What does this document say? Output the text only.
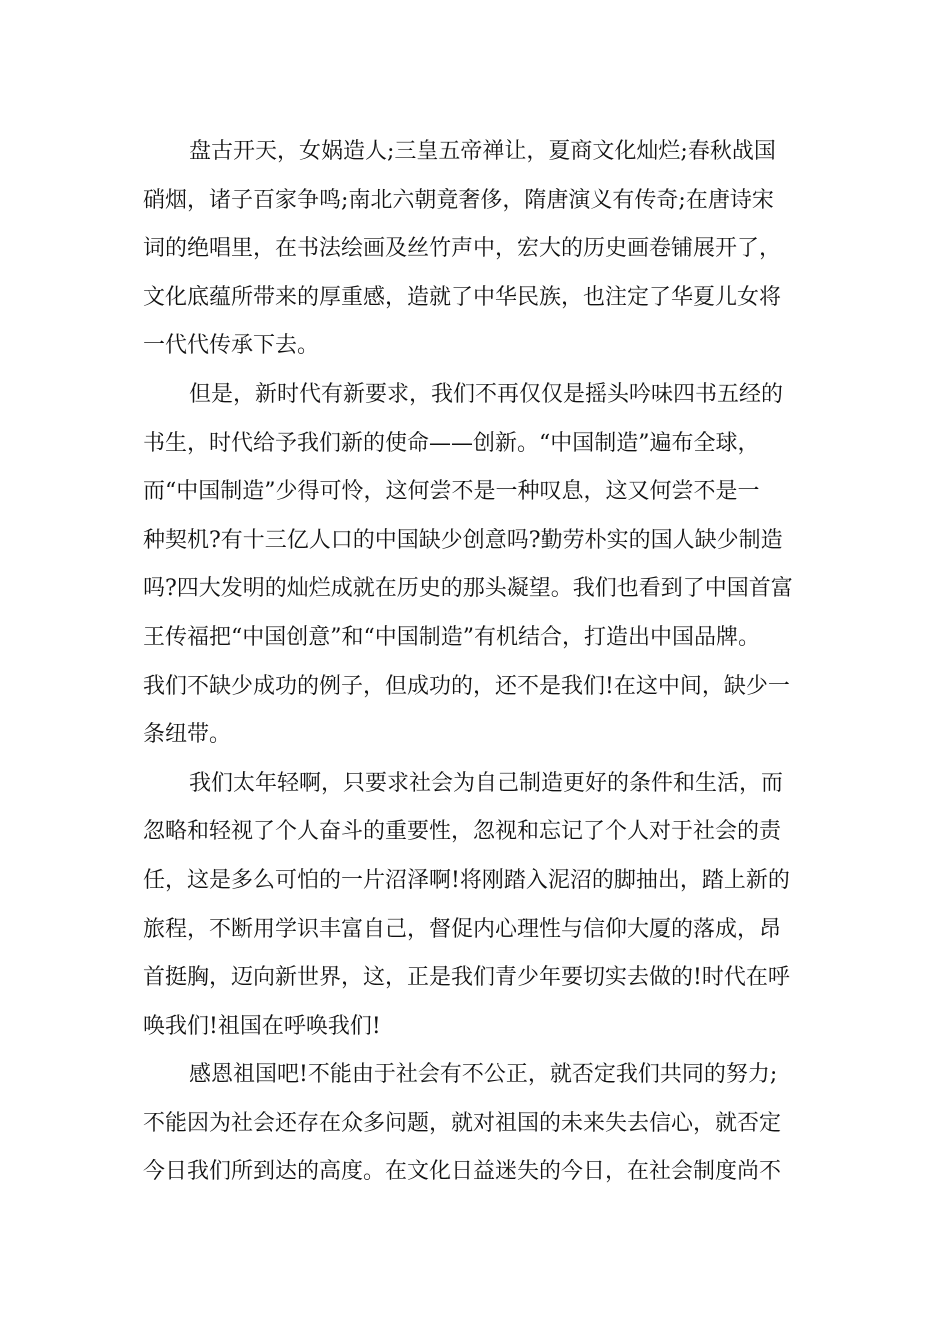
盘古开天，女娲造人;三皇五帝禅让，夏商文化灿烂;春秋战国
硝烟，诸子百家争鸣;南北六朝竟奢侈，隋唐演义有传奇;在唐诗宋
词的绝唱里，在书法绘画及丝竹声中，宏大的历史画卷铺展开了，
文化底蕴所带来的厚重感，造就了中华民族，也注定了华夏儿女将
一代代传承下去。
但是，新时代有新要求，我们不再仅仅是摇头吟味四书五经的
书生，时代给予我们新的使命——创新。“中国制造”遍布全球，
而“中国制造”少得可怜，这何尝不是一种叹息，这又何尝不是一
种契机?有十三亿人口的中国缺少创意吗?勤劳朴实的国人缺少制造
吗?四大发明的灿烂成就在历史的那头凝望。我们也看到了中国首富
王传福把“中国创意”和“中国制造”有机结合，打造出中国品牌。
我们不缺少成功的例子，但成功的，还不是我们!在这中间，缺少一
条纽带。
我们太年轻啊，只要求社会为自己制造更好的条件和生活，而
忽略和轻视了个人奋斗的重要性，忽视和忘记了个人对于社会的责
任，这是多么可怕的一片沼泽啊!将刚踏入泥沼的脚抽出，踏上新的
旅程，不断用学识丰富自己，督促内心理性与信仰大厦的落成，昂
首挺胸，迈向新世界，这，正是我们青少年要切实去做的!时代在呼
唤我们!祖国在呼唤我们!
感恩祖国吧!不能由于社会有不公正，就否定我们共同的努力;
不能因为社会还存在众多问题，就对祖国的未来失去信心，就否定
今日我们所到达的高度。在文化日益迷失的今日，在社会制度尚不
